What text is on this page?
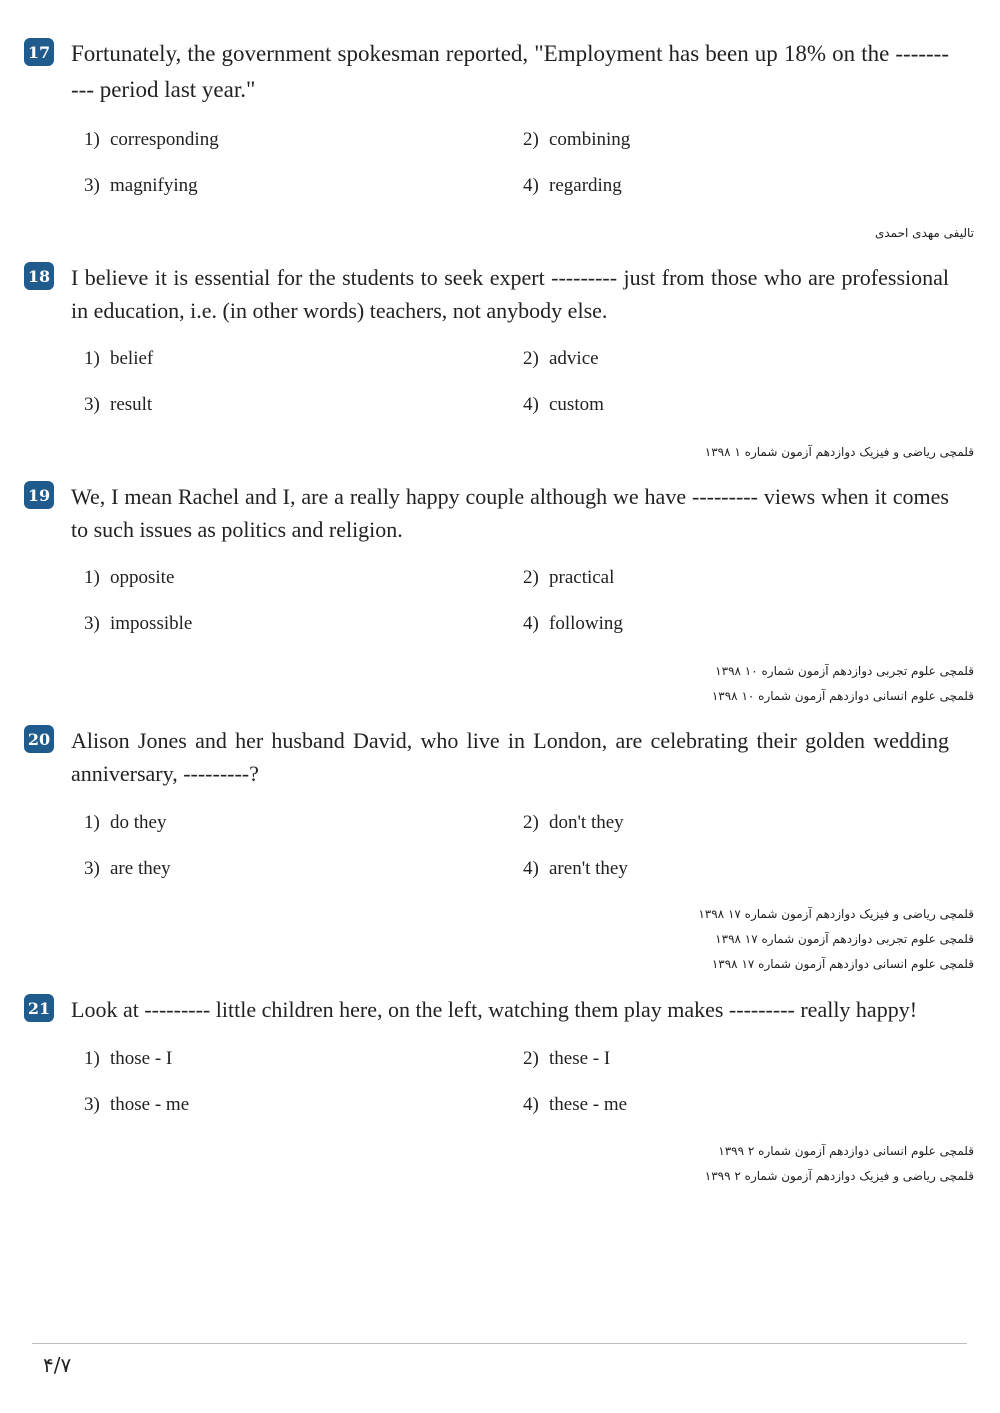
17 Fortunately, the government spokesman reported, "Employment has been up 18% on the ---------- period last year."
1) corresponding	2) combining
3) magnifying	4) regarding
تالیفی مهدی احمدی
18 I believe it is essential for the students to seek expert --------- just from those who are professional in education, i.e. (in other words) teachers, not anybody else.
1) belief	2) advice
3) result	4) custom
قلمچی ریاضی و فیزیک دوازدهم آزمون شماره ۱ ۱۳۹۸
19 We, I mean Rachel and I, are a really happy couple although we have --------- views when it comes to such issues as politics and religion.
1) opposite	2) practical
3) impossible	4) following
قلمچی علوم تجربی دوازدهم آزمون شماره ۱۰ ۱۳۹۸
قلمچی علوم انسانی دوازدهم آزمون شماره ۱۰ ۱۳۹۸
20 Alison Jones and her husband David, who live in London, are celebrating their golden wedding anniversary, ---------?
1) do they	2) don't they
3) are they	4) aren't they
قلمچی ریاضی و فیزیک دوازدهم آزمون شماره ۱۷ ۱۳۹۸
قلمچی علوم تجربی دوازدهم آزمون شماره ۱۷ ۱۳۹۸
قلمچی علوم انسانی دوازدهم آزمون شماره ۱۷ ۱۳۹۸
21 Look at --------- little children here, on the left, watching them play makes --------- really happy!
1) those - I	2) these - I
3) those - me	4) these - me
قلمچی علوم انسانی دوازدهم آزمون شماره ۲ ۱۳۹۹
قلمچی ریاضی و فیزیک دوازدهم آزمون شماره ۲ ۱۳۹۹
۴/۷
